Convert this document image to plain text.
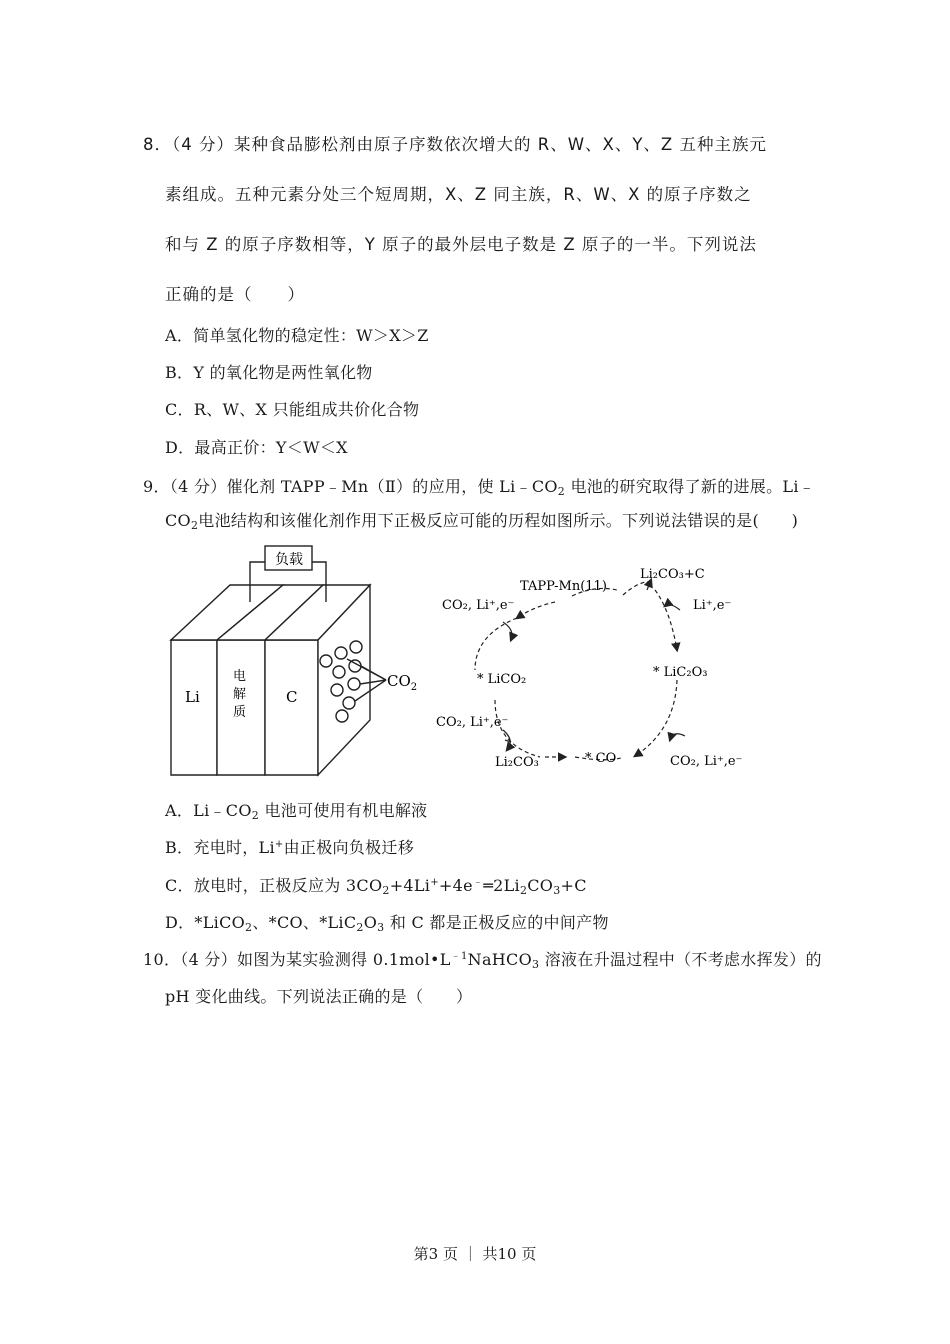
8．（4 分）某种食品膨松剂由原子序数依次增大的 R、W、X、Y、Z 五种主族元
素组成。五种元素分处三个短周期，X、Z 同主族，R、W、X 的原子序数之
和与 Z 的原子序数相等，Y 原子的最外层电子数是 Z 原子的一半。下列说法
正确的是（　　）
A．简单氢化物的稳定性：W＞X＞Z
B．Y 的氧化物是两性氧化物
C．R、W、X 只能组成共价化合物
D．最高正价：Y＜W＜X
9．（4 分）催化剂 TAPP﹣Mn（Ⅱ）的应用，使 $Li﹣CO_2$ 电池的研究取得了新的进展。Li﹣
$CO_2$电池结构和该催化剂作用下正极反应可能的历程如图所示。下列说法错误的是(　　)
负载
Li
电
解
质
C
$CO_2$
TAPP-Mn(11)
Li₂CO₃+C
CO₂, Li⁺,e⁻	Li⁺,e⁻
* LiCO₂	* LiC₂O₃
CO₂, Li⁺,e⁻
Li₂CO₃	* CO	CO₂, Li⁺,e⁻
A．$Li﹣CO_2$ 电池可使用有机电解液
B．充电时，Li+由正极向负极迁移
C．放电时，正极反应为 $3CO_2+4Li^++4e^﹣═2Li_2CO_3+C$
D．*LiCO$_2$、*CO、$*LiC_2O_3$ 和 C 都是正极反应的中间产物
10．（4 分）如图为某实验测得 $0.1mol•L^{﹣1}NaHCO_3$ 溶液在升温过程中（不考虑水挥发）的
pH 变化曲线。下列说法正确的是（　　）
第3 页 ｜ 共10 页
